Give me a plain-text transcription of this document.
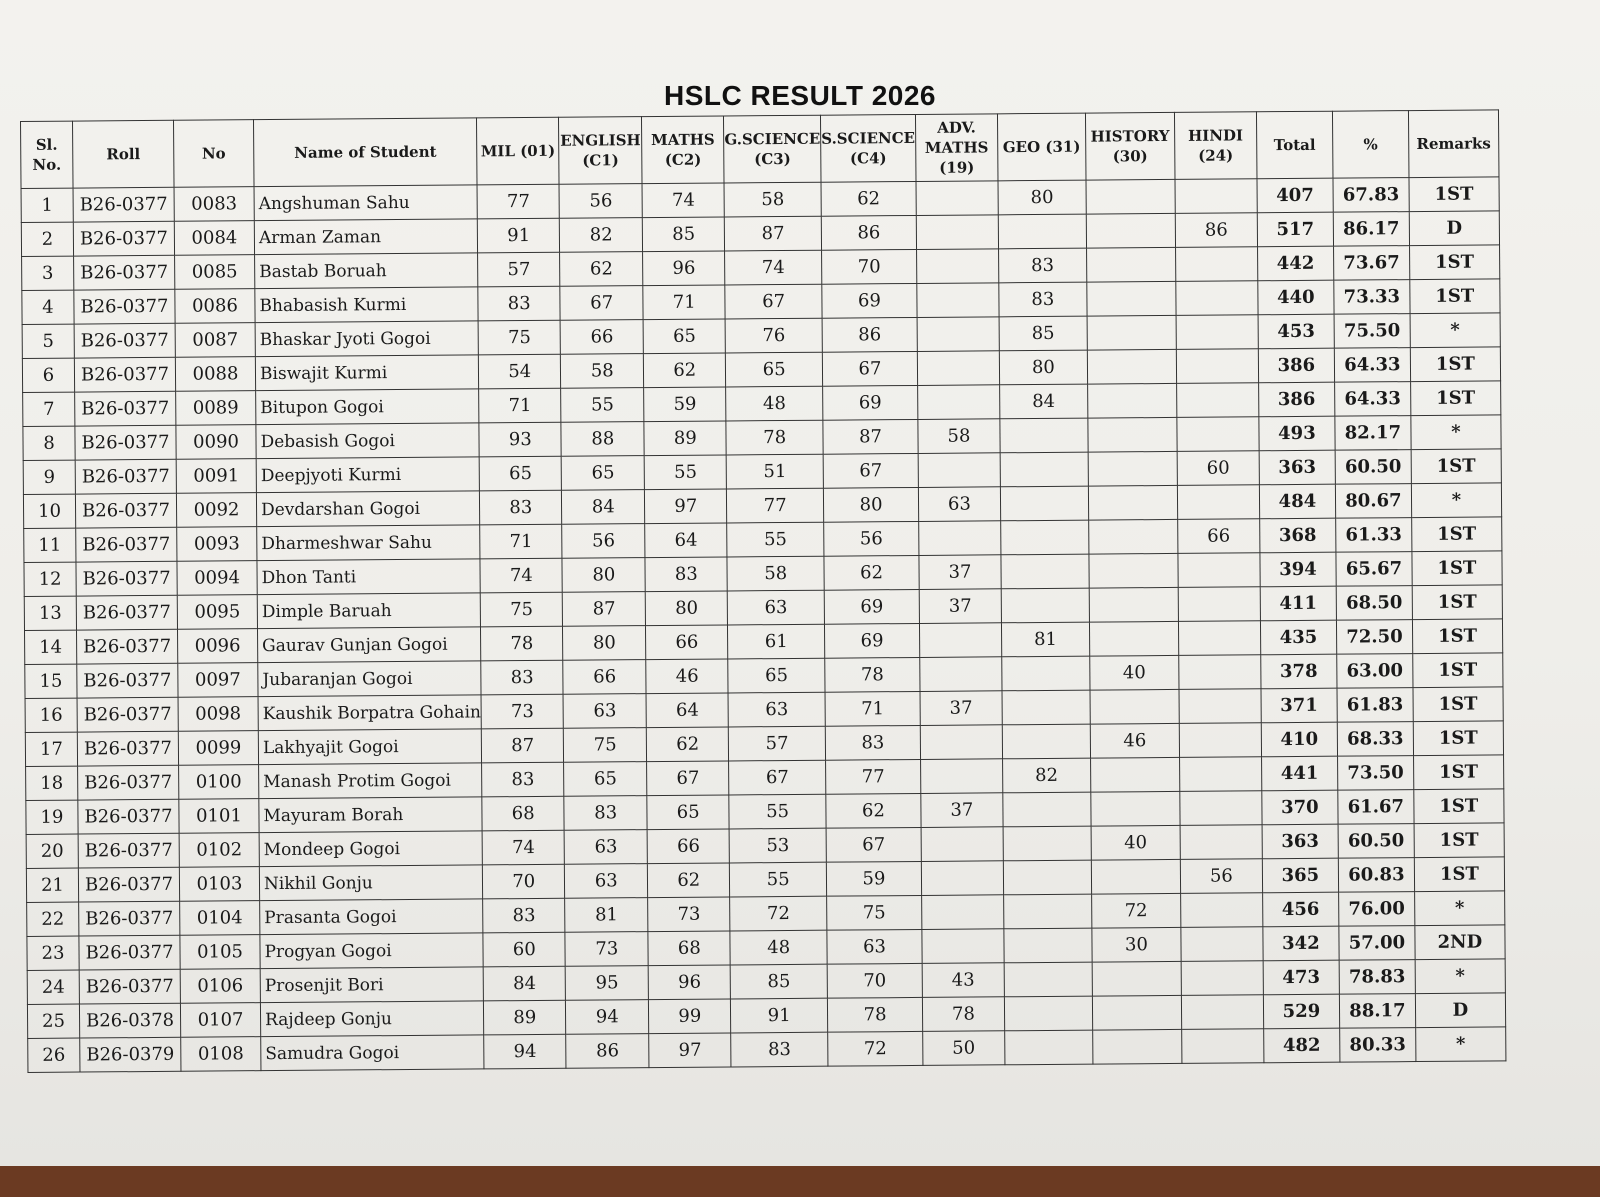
HSLC RESULT 2026
Sl. No.	Roll	No	Name of Student	MIL (01)	ENGLISH (C1)	MATHS (C2)	G.SCIENCE (C3)	S.SCIENCE (C4)	ADV. MATHS (19)	GEO (31)	HISTORY (30)	HINDI (24)	Total	%	Remarks
1	B26-0377	0083	Angshuman Sahu	77	56	74	58	62		80			407	67.83	1ST
2	B26-0377	0084	Arman Zaman	91	82	85	87	86				86	517	86.17	D
3	B26-0377	0085	Bastab Boruah	57	62	96	74	70		83			442	73.67	1ST
4	B26-0377	0086	Bhabasish Kurmi	83	67	71	67	69		83			440	73.33	1ST
5	B26-0377	0087	Bhaskar Jyoti Gogoi	75	66	65	76	86		85			453	75.50	*
6	B26-0377	0088	Biswajit Kurmi	54	58	62	65	67		80			386	64.33	1ST
7	B26-0377	0089	Bitupon Gogoi	71	55	59	48	69		84			386	64.33	1ST
8	B26-0377	0090	Debasish Gogoi	93	88	89	78	87	58				493	82.17	*
9	B26-0377	0091	Deepjyoti Kurmi	65	65	55	51	67				60	363	60.50	1ST
10	B26-0377	0092	Devdarshan Gogoi	83	84	97	77	80	63				484	80.67	*
11	B26-0377	0093	Dharmeshwar Sahu	71	56	64	55	56				66	368	61.33	1ST
12	B26-0377	0094	Dhon Tanti	74	80	83	58	62	37				394	65.67	1ST
13	B26-0377	0095	Dimple Baruah	75	87	80	63	69	37				411	68.50	1ST
14	B26-0377	0096	Gaurav Gunjan Gogoi	78	80	66	61	69		81			435	72.50	1ST
15	B26-0377	0097	Jubaranjan Gogoi	83	66	46	65	78			40		378	63.00	1ST
16	B26-0377	0098	Kaushik Borpatra Gohain	73	63	64	63	71	37				371	61.83	1ST
17	B26-0377	0099	Lakhyajit Gogoi	87	75	62	57	83			46		410	68.33	1ST
18	B26-0377	0100	Manash Protim Gogoi	83	65	67	67	77		82			441	73.50	1ST
19	B26-0377	0101	Mayuram Borah	68	83	65	55	62	37				370	61.67	1ST
20	B26-0377	0102	Mondeep Gogoi	74	63	66	53	67			40		363	60.50	1ST
21	B26-0377	0103	Nikhil Gonju	70	63	62	55	59				56	365	60.83	1ST
22	B26-0377	0104	Prasanta Gogoi	83	81	73	72	75			72		456	76.00	*
23	B26-0377	0105	Progyan Gogoi	60	73	68	48	63			30		342	57.00	2ND
24	B26-0377	0106	Prosenjit Bori	84	95	96	85	70	43				473	78.83	*
25	B26-0378	0107	Rajdeep Gonju	89	94	99	91	78	78				529	88.17	D
26	B26-0379	0108	Samudra Gogoi	94	86	97	83	72	50				482	80.33	*
